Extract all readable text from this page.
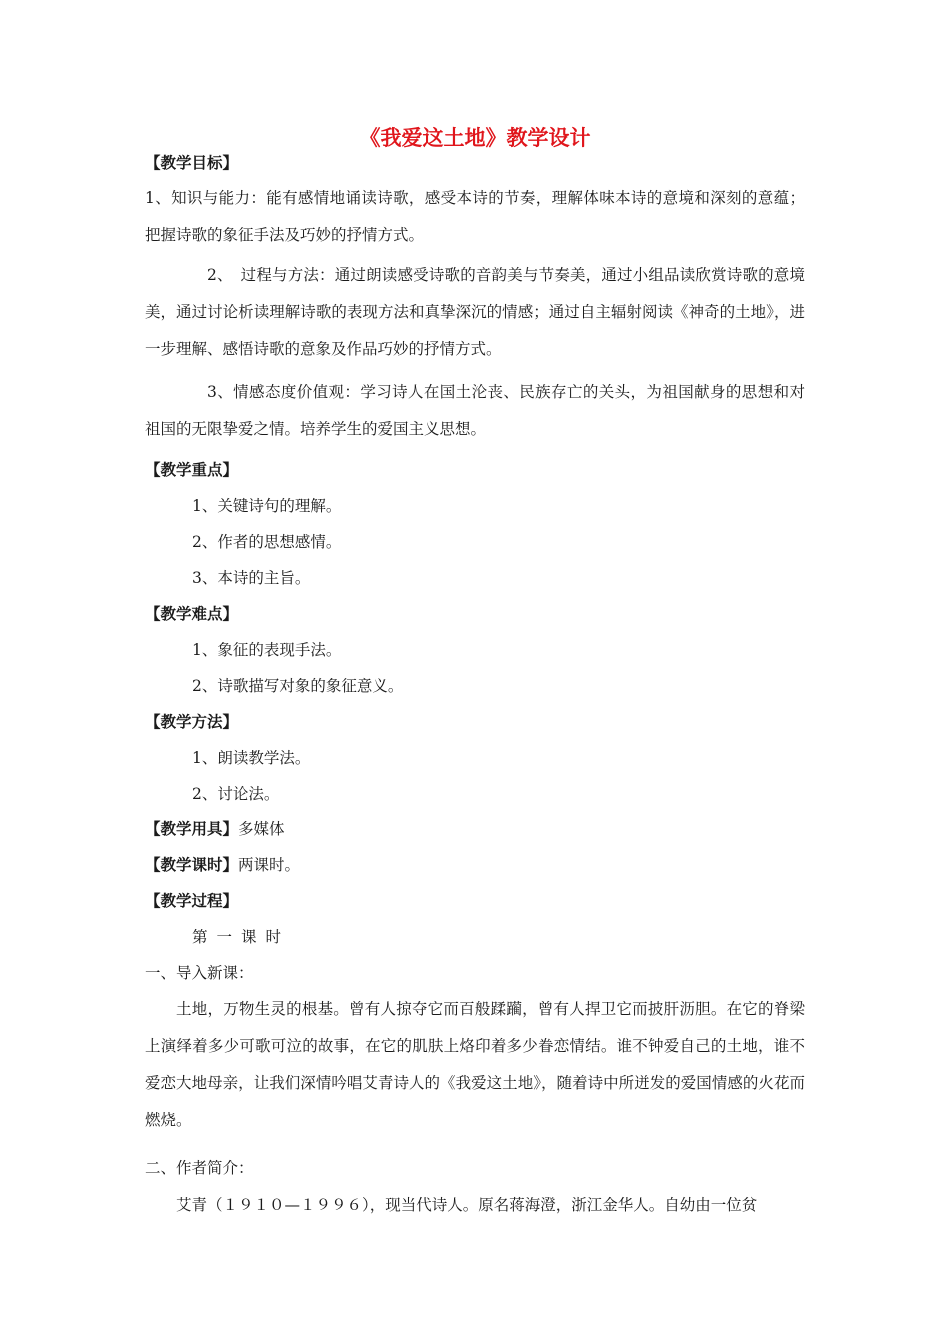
《我爱这土地》教学设计
【教学目标】
1、知识与能力：能有感情地诵读诗歌，感受本诗的节奏，理解体味本诗的意境和深刻的意蕴；把握诗歌的象征手法及巧妙的抒情方式。
2、　过程与方法：通过朗读感受诗歌的音韵美与节奏美，通过小组品读欣赏诗歌的意境美，通过讨论析读理解诗歌的表现方法和真挚深沉的情感；通过自主辐射阅读《神奇的土地》，进一步理解、感悟诗歌的意象及作品巧妙的抒情方式。
3、情感态度价值观：学习诗人在国土沦丧、民族存亡的关头，为祖国献身的思想和对祖国的无限挚爱之情。培养学生的爱国主义思想。
【教学重点】
1、关键诗句的理解。
2、作者的思想感情。
3、本诗的主旨。
【教学难点】
1、象征的表现手法。
2、诗歌描写对象的象征意义。
【教学方法】
1、朗读教学法。
2、讨论法。
【教学用具】多媒体
【教学课时】两课时。
【教学过程】
第一课时
一、导入新课：
土地，万物生灵的根基。曾有人掠夺它而百般蹂躏，曾有人捍卫它而披肝沥胆。在它的脊梁上演绎着多少可歌可泣的故事，在它的肌肤上烙印着多少眷恋情结。谁不钟爱自己的土地，谁不爱恋大地母亲，让我们深情吟唱艾青诗人的《我爱这土地》，随着诗中所迸发的爱国情感的火花而燃烧。
二、作者简介：
艾青（１９１０—１９９６），现当代诗人。原名蒋海澄，浙江金华人。自幼由一位贫
